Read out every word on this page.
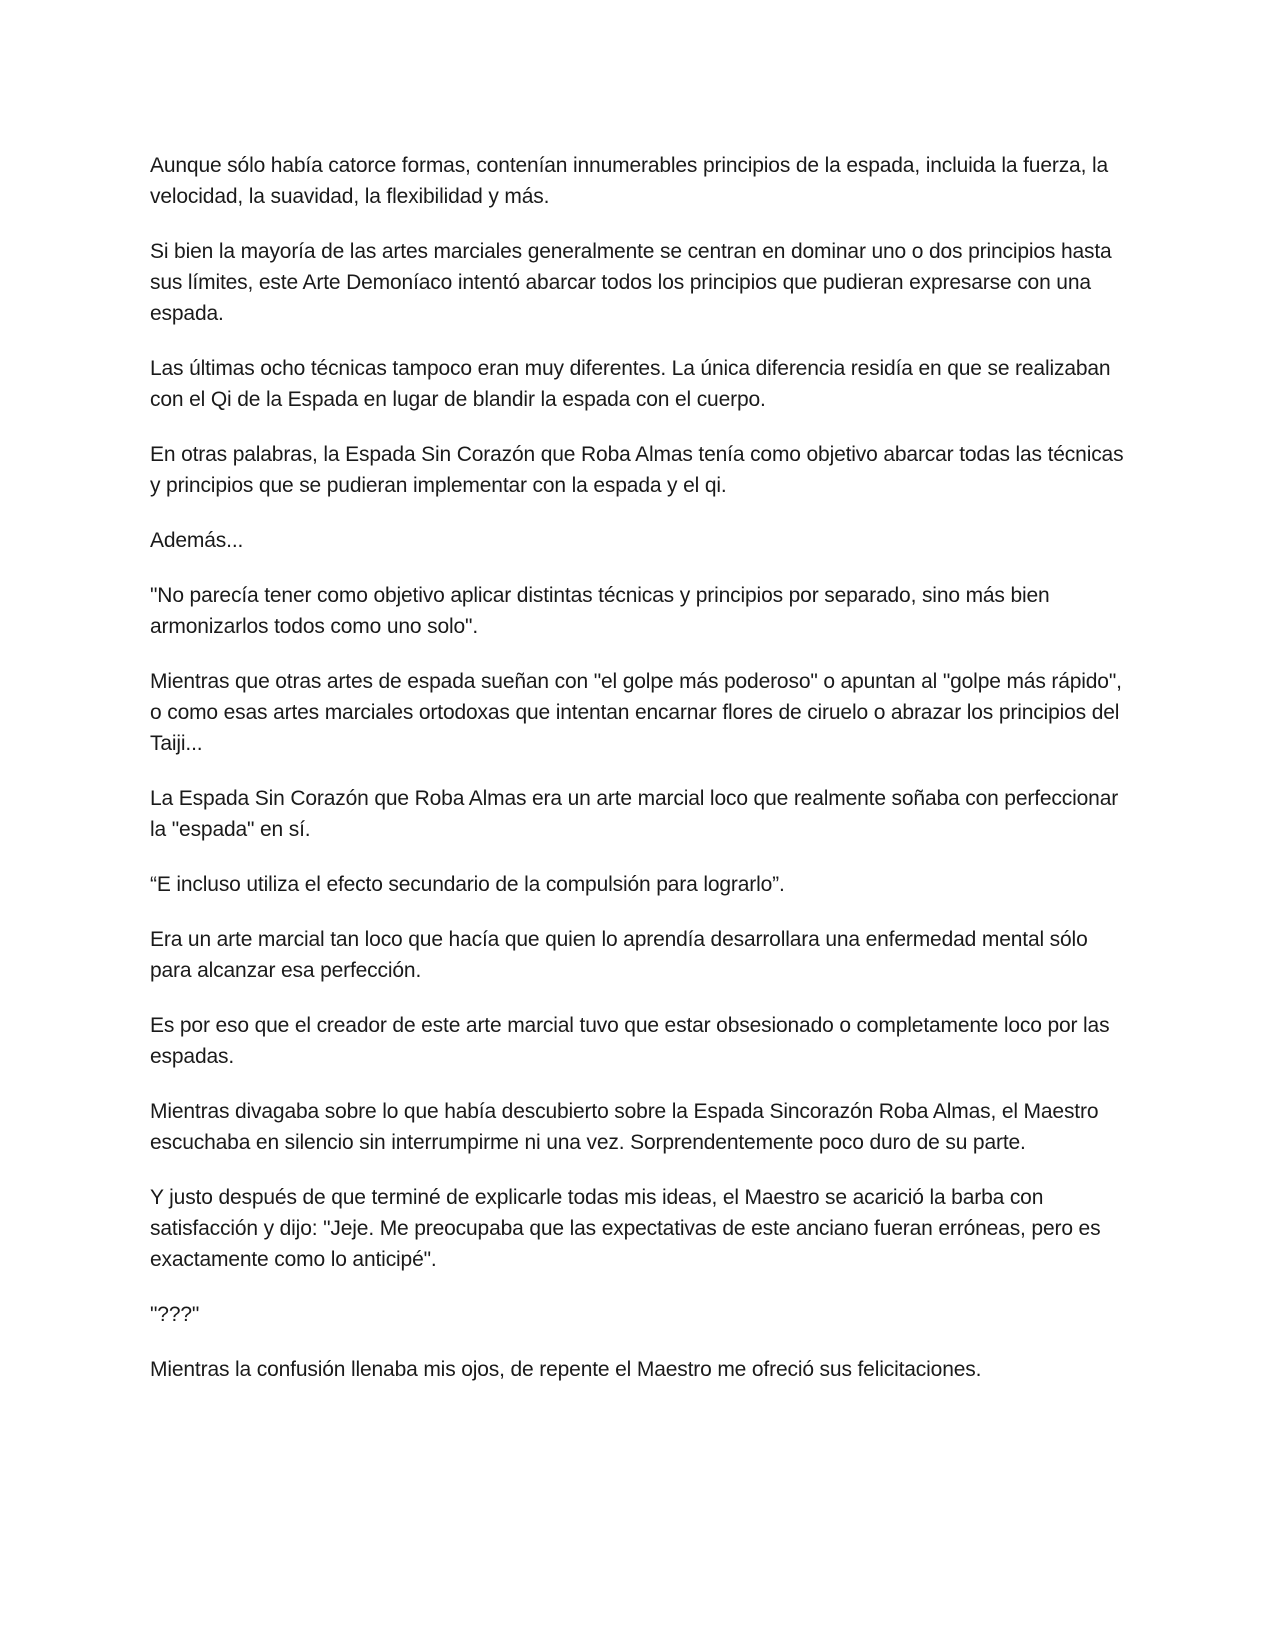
Aunque sólo había catorce formas, contenían innumerables principios de la espada, incluida la fuerza, la velocidad, la suavidad, la flexibilidad y más.

Si bien la mayoría de las artes marciales generalmente se centran en dominar uno o dos principios hasta sus límites, este Arte Demoníaco intentó abarcar todos los principios que pudieran expresarse con una espada.

Las últimas ocho técnicas tampoco eran muy diferentes. La única diferencia residía en que se realizaban con el Qi de la Espada en lugar de blandir la espada con el cuerpo.

En otras palabras, la Espada Sin Corazón que Roba Almas tenía como objetivo abarcar todas las técnicas y principios que se pudieran implementar con la espada y el qi.

Además...

"No parecía tener como objetivo aplicar distintas técnicas y principios por separado, sino más bien armonizarlos todos como uno solo".

Mientras que otras artes de espada sueñan con "el golpe más poderoso" o apuntan al "golpe más rápido", o como esas artes marciales ortodoxas que intentan encarnar flores de ciruelo o abrazar los principios del Taiji...

La Espada Sin Corazón que Roba Almas era un arte marcial loco que realmente soñaba con perfeccionar la "espada" en sí.

“E incluso utiliza el efecto secundario de la compulsión para lograrlo”.

Era un arte marcial tan loco que hacía que quien lo aprendía desarrollara una enfermedad mental sólo para alcanzar esa perfección.

Es por eso que el creador de este arte marcial tuvo que estar obsesionado o completamente loco por las espadas.

Mientras divagaba sobre lo que había descubierto sobre la Espada Sincorazón Roba Almas, el Maestro escuchaba en silencio sin interrumpirme ni una vez. Sorprendentemente poco duro de su parte.

Y justo después de que terminé de explicarle todas mis ideas, el Maestro se acarició la barba con satisfacción y dijo: "Jeje. Me preocupaba que las expectativas de este anciano fueran erróneas, pero es exactamente como lo anticipé".

"???"

Mientras la confusión llenaba mis ojos, de repente el Maestro me ofreció sus felicitaciones.
